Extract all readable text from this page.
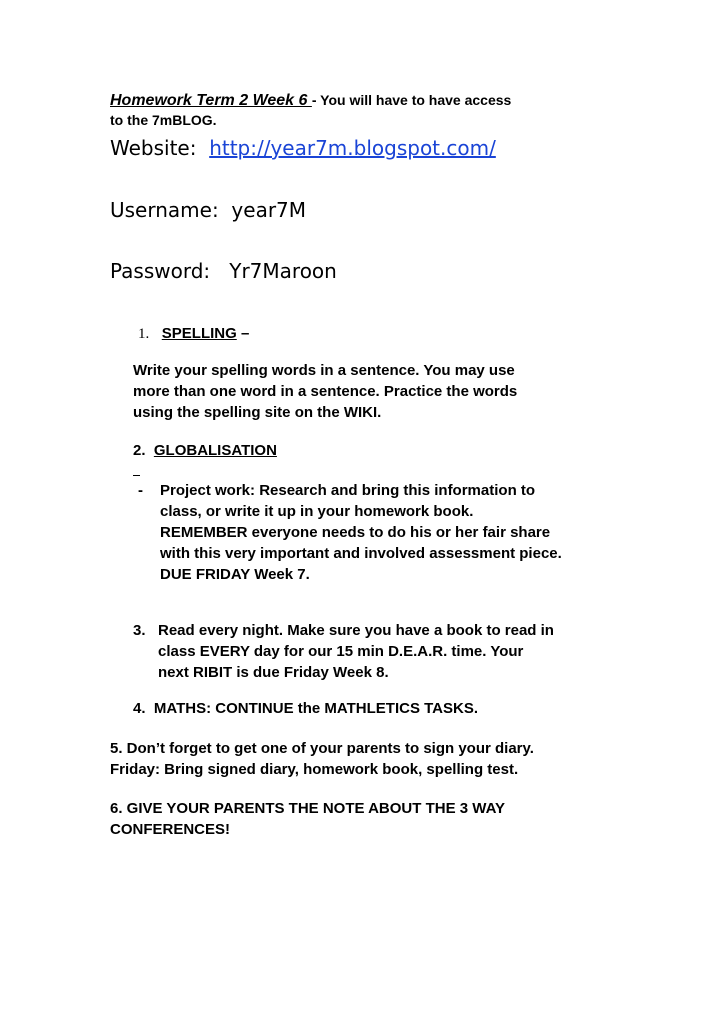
Homework Term 2 Week 6 - You will have to have access
to the 7mBLOG.
Website: http://year7m.blogspot.com/
Username: year7M
Password: Yr7Maroon
1. SPELLING –
Write your spelling words in a sentence. You may use
more than one word in a sentence. Practice the words
using the spelling site on the WIKI.
2. GLOBALISATION
- Project work: Research and bring this information to
class, or write it up in your homework book.
REMEMBER everyone needs to do his or her fair share
with this very important and involved assessment piece.
DUE FRIDAY Week 7.
3. Read every night. Make sure you have a book to read in
class EVERY day for our 15 min D.E.A.R. time. Your
next RIBIT is due Friday Week 8.
4. MATHS: CONTINUE the MATHLETICS TASKS.
5. Don’t forget to get one of your parents to sign your diary.
Friday: Bring signed diary, homework book, spelling test.
6. GIVE YOUR PARENTS THE NOTE ABOUT THE 3 WAY
CONFERENCES!
